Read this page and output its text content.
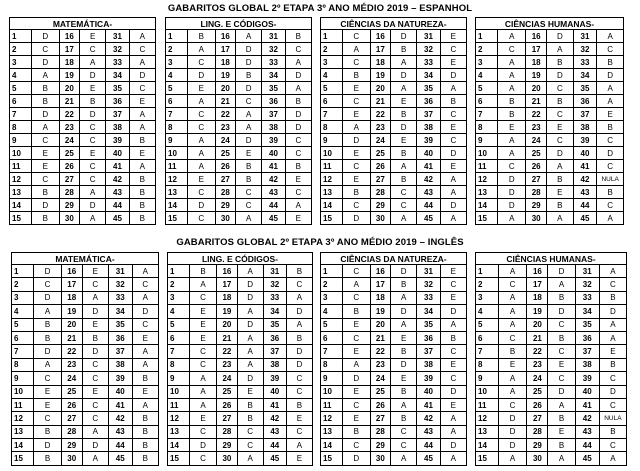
GABARITOS GLOBAL 2º ETAPA 3º ANO MÉDIO 2019 – ESPANHOL
MATEMÁTICA-					
1	D	16	E	31	A
2	C	17	C	32	C
3	D	18	A	33	A
4	A	19	D	34	D
5	B	20	E	35	C
6	B	21	B	36	E
7	D	22	D	37	A
8	A	23	C	38	A
9	C	24	C	39	B
10	E	25	E	40	E
11	E	26	C	41	A
12	C	27	C	42	B
13	B	28	A	43	B
14	D	29	D	44	B
15	B	30	A	45	B
LING. E CÓDIGOS-					
1	B	16	A	31	B
2	A	17	D	32	C
3	C	18	D	33	A
4	D	19	B	34	D
5	E	20	D	35	A
6	A	21	C	36	B
7	C	22	A	37	D
8	C	23	A	38	D
9	A	24	D	39	C
10	A	25	E	40	C
11	A	26	B	41	B
12	E	27	B	42	E
13	C	28	C	43	C
14	D	29	C	44	A
15	C	30	A	45	E
CIÊNCIAS DA NATUREZA-					
1	C	16	D	31	E
2	A	17	B	32	C
3	C	18	A	33	E
4	B	19	D	34	D
5	E	20	A	35	A
6	C	21	E	36	B
7	E	22	B	37	C
8	A	23	D	38	E
9	D	24	E	39	C
10	E	25	B	40	D
11	C	26	A	41	E
12	E	27	B	42	A
13	B	28	C	43	A
14	C	29	C	44	D
15	D	30	A	45	A
CIÊNCIAS HUMANAS-					
1	A	16	D	31	A
2	C	17	A	32	C
3	A	18	B	33	B
4	A	19	D	34	D
5	A	20	C	35	A
6	B	21	B	36	A
7	B	22	C	37	E
8	E	23	E	38	B
9	A	24	C	39	C
10	A	25	D	40	D
11	C	26	A	41	C
12	D	27	B	42	NULA
13	D	28	E	43	B
14	D	29	B	44	C
15	A	30	A	45	A
GABARITOS GLOBAL 2º ETAPA 3º ANO MÉDIO 2019 – INGLÊS
MATEMÁTICA-					
1	D	16	E	31	A
2	C	17	C	32	C
3	D	18	A	33	A
4	A	19	D	34	D
5	B	20	E	35	C
6	B	21	B	36	E
7	D	22	D	37	A
8	A	23	C	38	A
9	C	24	C	39	B
10	E	25	E	40	E
11	E	26	C	41	A
12	C	27	C	42	B
13	B	28	A	43	B
14	D	29	D	44	B
15	B	30	A	45	B
LING. E CÓDIGOS-					
1	B	16	A	31	B
2	A	17	D	32	C
3	C	18	D	33	A
4	E	19	A	34	D
5	E	20	D	35	A
6	E	21	A	36	B
7	C	22	A	37	D
8	C	23	A	38	D
9	A	24	D	39	C
10	A	25	E	40	C
11	A	26	B	41	B
12	E	27	B	42	E
13	C	28	C	43	C
14	D	29	C	44	A
15	C	30	A	45	E
CIÊNCIAS DA NATUREZA-					
1	C	16	D	31	E
2	A	17	B	32	C
3	C	18	A	33	E
4	B	19	D	34	D
5	E	20	A	35	A
6	C	21	E	36	B
7	E	22	B	37	C
8	A	23	D	38	E
9	D	24	E	39	C
10	E	25	B	40	D
11	C	26	A	41	E
12	E	27	B	42	A
13	B	28	C	43	A
14	C	29	C	44	D
15	D	30	A	45	A
CIÊNCIAS HUMANAS-					
1	A	16	D	31	A
2	C	17	A	32	C
3	A	18	B	33	B
4	A	19	D	34	D
5	A	20	C	35	A
6	C	21	B	36	A
7	B	22	C	37	E
8	E	23	E	38	B
9	A	24	C	39	C
10	A	25	D	40	D
11	C	26	A	41	C
12	D	27	B	42	NULA
13	D	28	E	43	B
14	D	29	B	44	C
15	A	30	A	45	A
